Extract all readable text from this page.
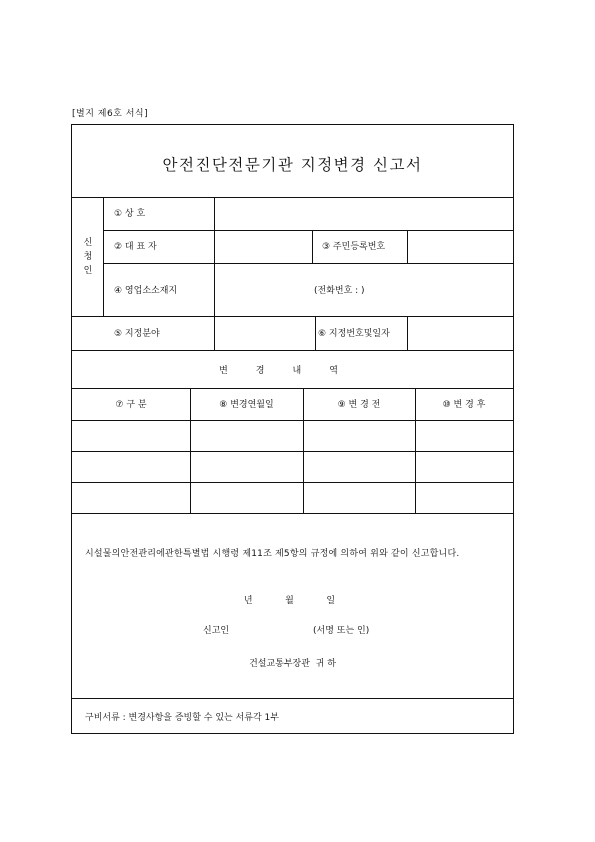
[별지 제6호 서식]
안전진단전문기관 지정변경 신고서
신
청
인
① 상 호
② 대 표 자	③ 주민등록번호
④ 영업소소재지	(전화번호 : )
⑤ 지정분야	⑥ 지정번호및일자
변경내역
⑦ 구 분	⑧ 변경연월일	⑨ 변 경 전	⑩ 변 경 후
시설물의안전관리에관한특별법 시행령 제11조 제5항의 규정에 의하여 위와 같이 신고합니다.
년   월   일
신고인	(서명 또는 인)
건설교통부장관  귀 하
구비서류 : 변경사항을 증빙할 수 있는 서류각 1부
